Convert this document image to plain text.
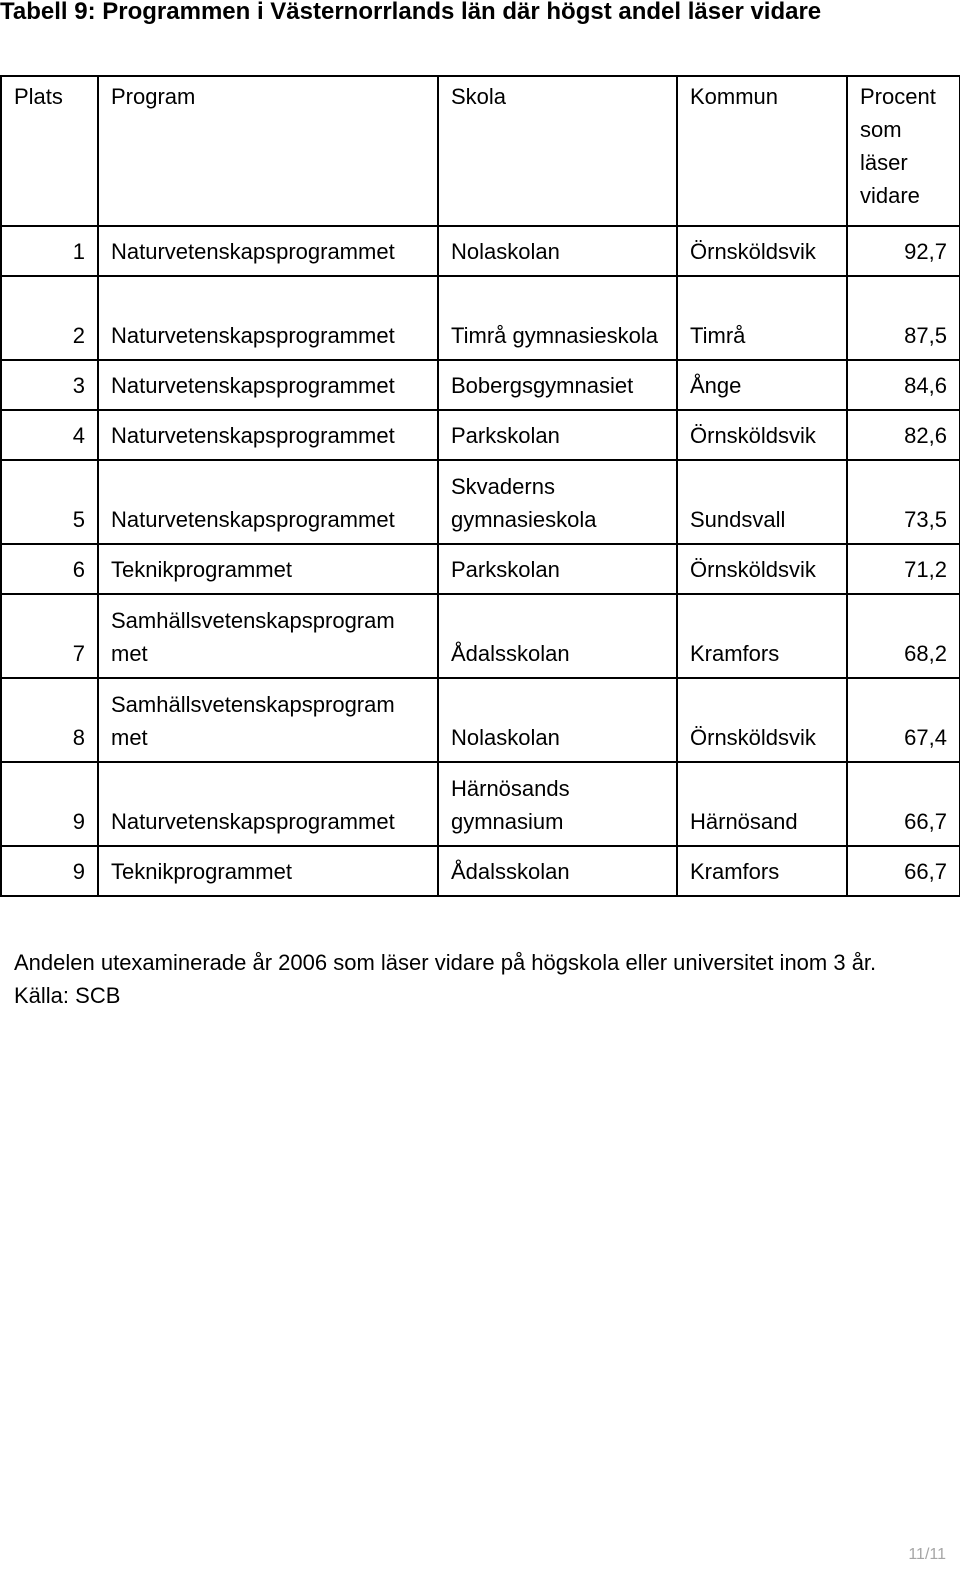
Tabell 9: Programmen i Västernorrlands län där högst andel läser vidare
Plats	Program	Skola	Kommun	Procent som läser vidare
1	Naturvetenskapsprogrammet	Nolaskolan	Örnsköldsvik	92,7
2	Naturvetenskapsprogrammet	Timrå gymnasieskola	Timrå	87,5
3	Naturvetenskapsprogrammet	Bobergsgymnasiet	Ånge	84,6
4	Naturvetenskapsprogrammet	Parkskolan	Örnsköldsvik	82,6
5	Naturvetenskapsprogrammet	Skvaderns gymnasieskola	Sundsvall	73,5
6	Teknikprogrammet	Parkskolan	Örnsköldsvik	71,2
7	Samhällsvetenskapsprogram met	Ådalsskolan	Kramfors	68,2
8	Samhällsvetenskapsprogram met	Nolaskolan	Örnsköldsvik	67,4
9	Naturvetenskapsprogrammet	Härnösands gymnasium	Härnösand	66,7
9	Teknikprogrammet	Ådalsskolan	Kramfors	66,7
Andelen utexaminerade år 2006 som läser vidare på högskola eller universitet inom 3 år.
Källa: SCB
11/11
